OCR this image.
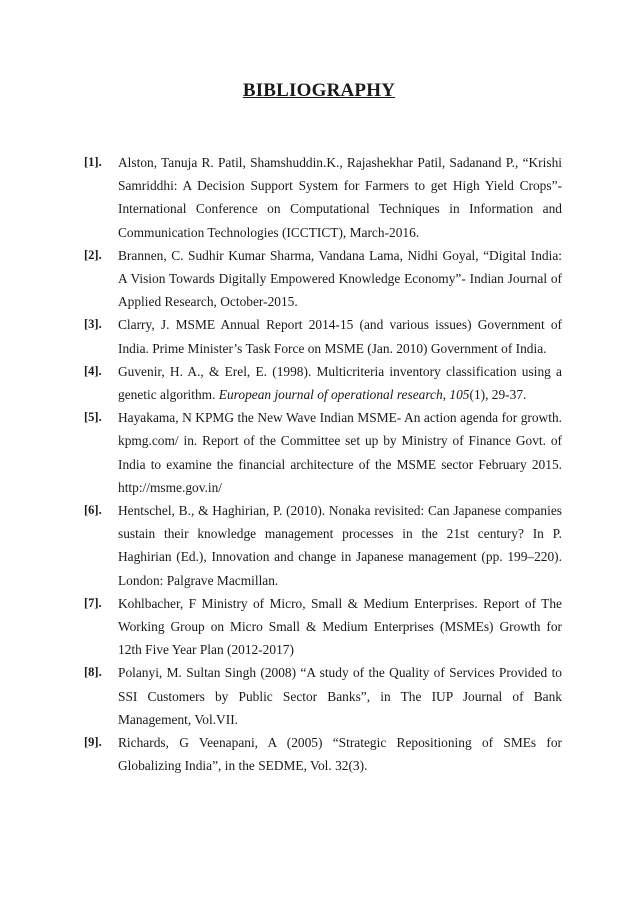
BIBLIOGRAPHY
[1]. Alston, Tanuja R. Patil, Shamshuddin.K., Rajashekhar Patil, Sadanand P., “Krishi Samriddhi: A Decision Support System for Farmers to get High Yield Crops”- International Conference on Computational Techniques in Information and Communication Technologies (ICCTICT), March-2016.
[2]. Brannen, C. Sudhir Kumar Sharma, Vandana Lama, Nidhi Goyal, “Digital India: A Vision Towards Digitally Empowered Knowledge Economy”- Indian Journal of Applied Research, October-2015.
[3]. Clarry, J. MSME Annual Report 2014-15 (and various issues) Government of India. Prime Minister’s Task Force on MSME (Jan. 2010) Government of India.
[4]. Guvenir, H. A., & Erel, E. (1998). Multicriteria inventory classification using a genetic algorithm. European journal of operational research, 105(1), 29-37.
[5]. Hayakama, N KPMG the New Wave Indian MSME- An action agenda for growth. kpmg.com/ in. Report of the Committee set up by Ministry of Finance Govt. of India to examine the financial architecture of the MSME sector February 2015. http://msme.gov.in/
[6]. Hentschel, B., & Haghirian, P. (2010). Nonaka revisited: Can Japanese companies sustain their knowledge management processes in the 21st century? In P. Haghirian (Ed.), Innovation and change in Japanese management (pp. 199–220). London: Palgrave Macmillan.
[7]. Kohlbacher, F Ministry of Micro, Small & Medium Enterprises. Report of The Working Group on Micro Small & Medium Enterprises (MSMEs) Growth for 12th Five Year Plan (2012-2017)
[8]. Polanyi, M. Sultan Singh (2008) “A study of the Quality of Services Provided to SSI Customers by Public Sector Banks”, in The IUP Journal of Bank Management, Vol.VII.
[9]. Richards, G Veenapani, A (2005) “Strategic Repositioning of SMEs for Globalizing India”, in the SEDME, Vol. 32(3).
